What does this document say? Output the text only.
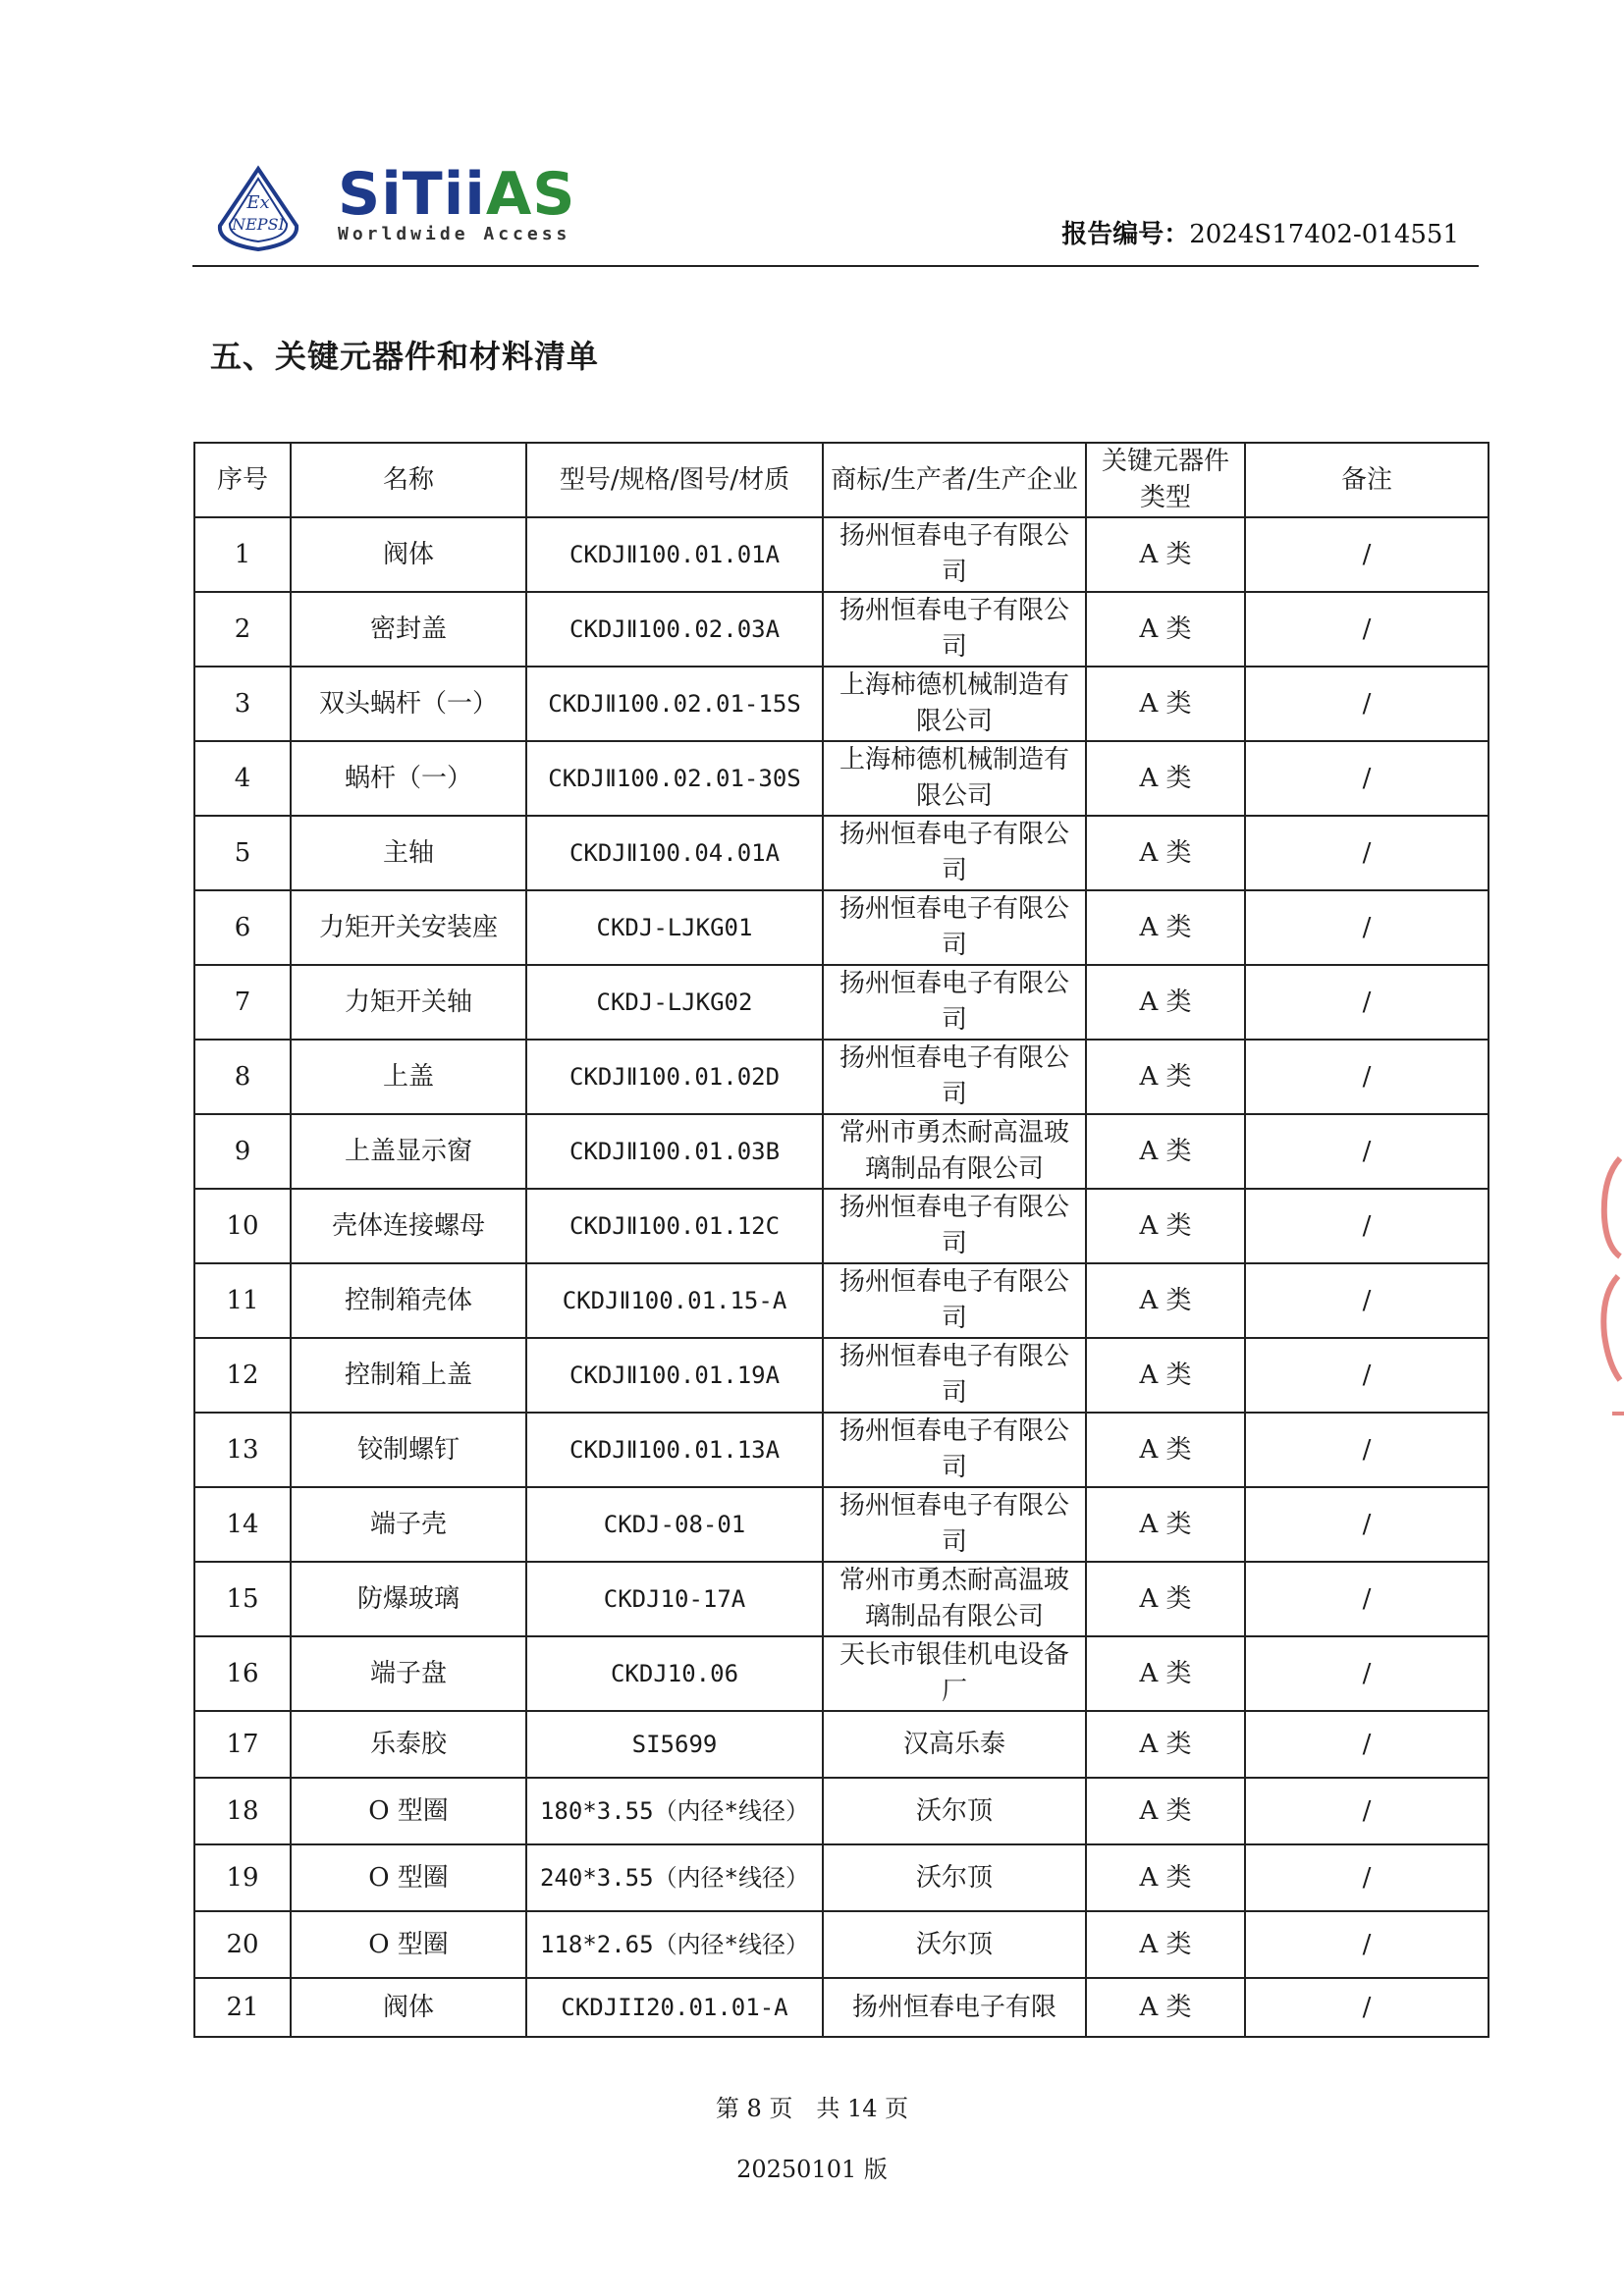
Ex
NEPSI SiTiiAS
Worldwide Access	报告编号：2024S17402-014551
五、关键元器件和材料清单
序号	名称	型号/规格/图号/材质	商标/生产者/生产企业	关键元器件类型	备注
1	阀体	CKDJⅡ100.01.01A	扬州恒春电子有限公司	A 类	/
2	密封盖	CKDJⅡ100.02.03A	扬州恒春电子有限公司	A 类	/
3	双头蜗杆（一）	CKDJⅡ100.02.01-15S	上海柿德机械制造有限公司	A 类	/
4	蜗杆（一）	CKDJⅡ100.02.01-30S	上海柿德机械制造有限公司	A 类	/
5	主轴	CKDJⅡ100.04.01A	扬州恒春电子有限公司	A 类	/
6	力矩开关安装座	CKDJ-LJKG01	扬州恒春电子有限公司	A 类	/
7	力矩开关轴	CKDJ-LJKG02	扬州恒春电子有限公司	A 类	/
8	上盖	CKDJⅡ100.01.02D	扬州恒春电子有限公司	A 类	/
9	上盖显示窗	CKDJⅡ100.01.03B	常州市勇杰耐高温玻璃制品有限公司	A 类	/
10	壳体连接螺母	CKDJⅡ100.01.12C	扬州恒春电子有限公司	A 类	/
11	控制箱壳体	CKDJⅡ100.01.15-A	扬州恒春电子有限公司	A 类	/
12	控制箱上盖	CKDJⅡ100.01.19A	扬州恒春电子有限公司	A 类	/
13	铰制螺钉	CKDJⅡ100.01.13A	扬州恒春电子有限公司	A 类	/
14	端子壳	CKDJ-08-01	扬州恒春电子有限公司	A 类	/
15	防爆玻璃	CKDJ10-17A	常州市勇杰耐高温玻璃制品有限公司	A 类	/
16	端子盘	CKDJ10.06	天长市银佳机电设备厂	A 类	/
17	乐泰胶	SI5699	汉高乐泰	A 类	/
18	O 型圈	180*3.55（内径*线径）	沃尔顶	A 类	/
19	O 型圈	240*3.55（内径*线径）	沃尔顶	A 类	/
20	O 型圈	118*2.65（内径*线径）	沃尔顶	A 类	/
21	阀体	CKDJII20.01.01-A	扬州恒春电子有限	A 类	/
第 8 页　共 14 页
20250101 版
